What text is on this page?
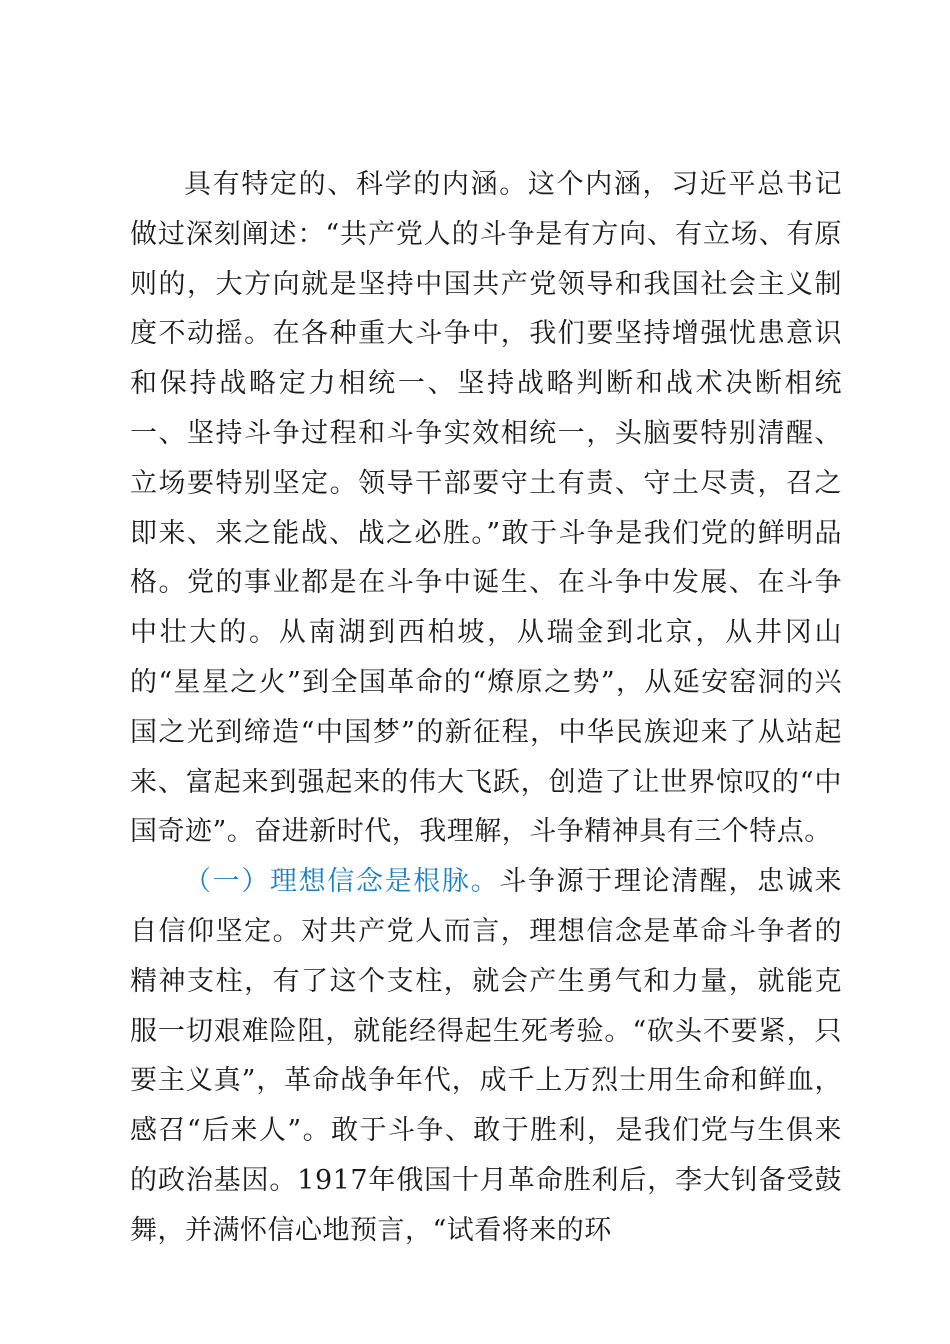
具有特定的、科学的内涵。这个内涵，习近平总书记做过深刻阐述：“共产党人的斗争是有方向、有立场、有原则的，大方向就是坚持中国共产党领导和我国社会主义制度不动摇。在各种重大斗争中，我们要坚持增强忧患意识和保持战略定力相统一、坚持战略判断和战术决断相统一、坚持斗争过程和斗争实效相统一，头脑要特别清醒、立场要特别坚定。领导干部要守土有责、守土尽责，召之即来、来之能战、战之必胜。”敢于斗争是我们党的鲜明品格。党的事业都是在斗争中诞生、在斗争中发展、在斗争中壮大的。从南湖到西柏坡，从瑞金到北京，从井冈山的“星星之火”到全国革命的“燎原之势”，从延安窑洞的兴国之光到缔造“中国梦”的新征程，中华民族迎来了从站起来、富起来到强起来的伟大飞跃，创造了让世界惊叹的“中国奇迹”。奋进新时代，我理解，斗争精神具有三个特点。

（一）理想信念是根脉。斗争源于理论清醒，忠诚来自信仰坚定。对共产党人而言，理想信念是革命斗争者的精神支柱，有了这个支柱，就会产生勇气和力量，就能克服一切艰难险阻，就能经得起生死考验。“砍头不要紧，只要主义真”，革命战争年代，成千上万烈士用生命和鲜血，感召“后来人”。敢于斗争、敢于胜利，是我们党与生俱来的政治基因。1917年俄国十月革命胜利后，李大钊备受鼓舞，并满怀信心地预言，“试看将来的环
